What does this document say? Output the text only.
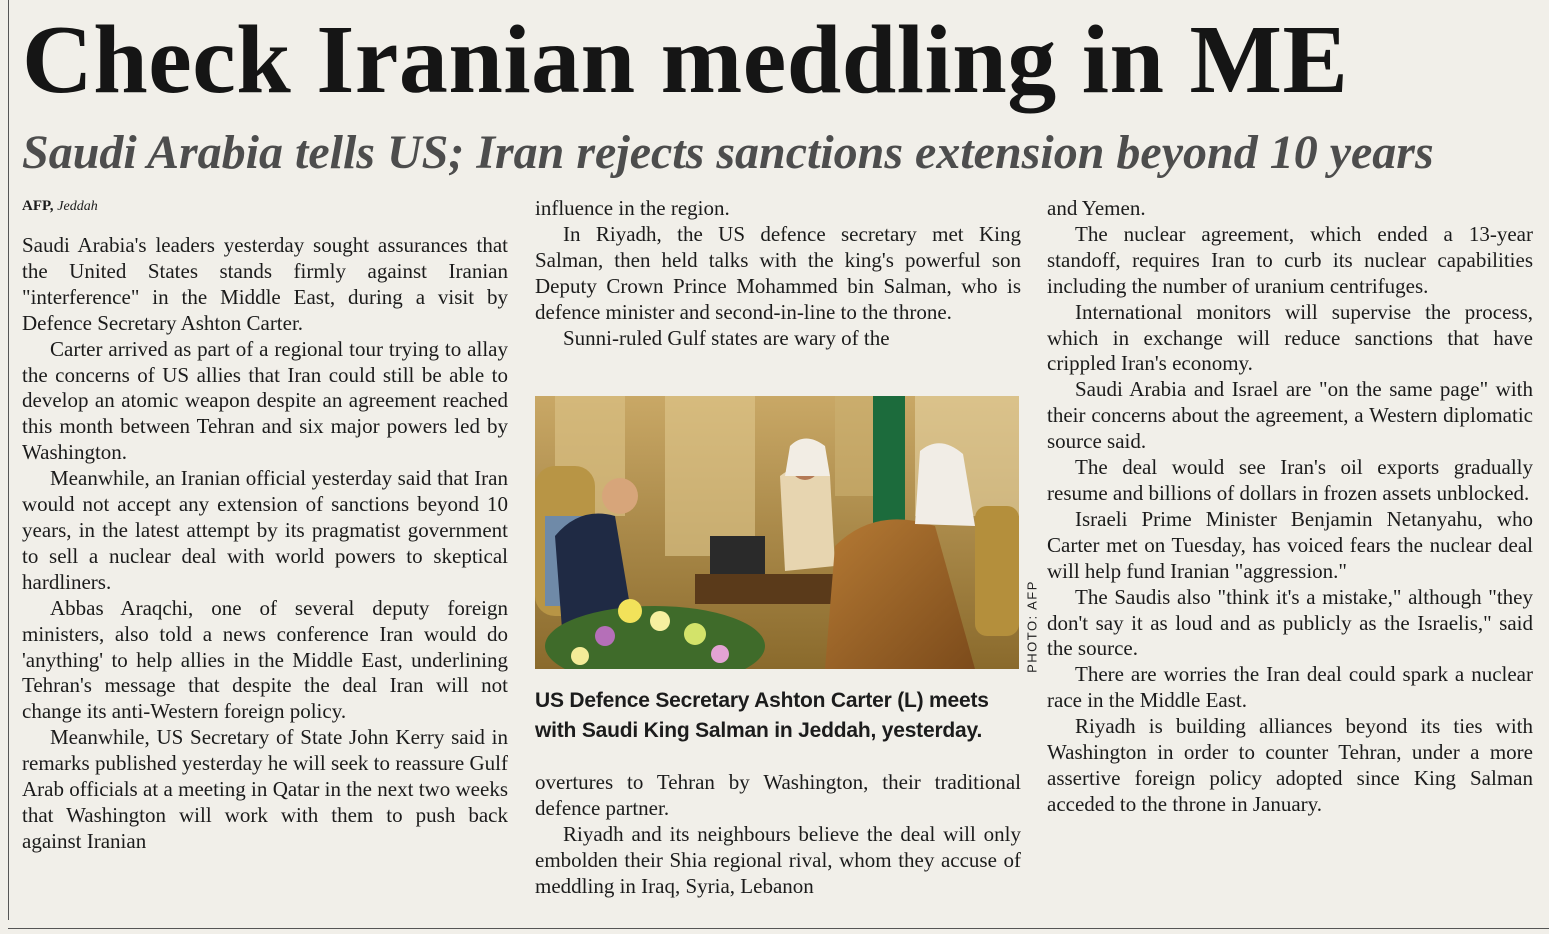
Check Iranian meddling in ME
Saudi Arabia tells US; Iran rejects sanctions extension beyond 10 years

AFP, Jeddah

Saudi Arabia's leaders yesterday sought assurances that the United States stands firmly against Iranian "interference" in the Middle East, during a visit by Defence Secretary Ashton Carter.

Carter arrived as part of a regional tour trying to allay the concerns of US allies that Iran could still be able to develop an atomic weapon despite an agreement reached this month between Tehran and six major powers led by Washington.

Meanwhile, an Iranian official yesterday said that Iran would not accept any extension of sanctions beyond 10 years, in the latest attempt by its pragmatist government to sell a nuclear deal with world powers to skeptical hardliners.

Abbas Araqchi, one of several deputy foreign ministers, also told a news conference Iran would do 'anything' to help allies in the Middle East, underlining Tehran's message that despite the deal Iran will not change its anti-Western foreign policy.

Meanwhile, US Secretary of State John Kerry said in remarks published yesterday he will seek to reassure Gulf Arab officials at a meeting in Qatar in the next two weeks that Washington will work with them to push back against Iranian

influence in the region.

In Riyadh, the US defence secretary met King Salman, then held talks with the king's powerful son Deputy Crown Prince Mohammed bin Salman, who is defence minister and second-in-line to the throne.

Sunni-ruled Gulf states are wary of the

PHOTO: AFP
US Defence Secretary Ashton Carter (L) meets with Saudi King Salman in Jeddah, yesterday.

overtures to Tehran by Washington, their traditional defence partner.

Riyadh and its neighbours believe the deal will only embolden their Shia regional rival, whom they accuse of meddling in Iraq, Syria, Lebanon

and Yemen.

The nuclear agreement, which ended a 13-year standoff, requires Iran to curb its nuclear capabilities including the number of uranium centrifuges.

International monitors will supervise the process, which in exchange will reduce sanctions that have crippled Iran's economy.

Saudi Arabia and Israel are "on the same page" with their concerns about the agreement, a Western diplomatic source said.

The deal would see Iran's oil exports gradually resume and billions of dollars in frozen assets unblocked.

Israeli Prime Minister Benjamin Netanyahu, who Carter met on Tuesday, has voiced fears the nuclear deal will help fund Iranian "aggression."

The Saudis also "think it's a mistake," although "they don't say it as loud and as publicly as the Israelis," said the source.

There are worries the Iran deal could spark a nuclear race in the Middle East.

Riyadh is building alliances beyond its ties with Washington in order to counter Tehran, under a more assertive foreign policy adopted since King Salman acceded to the throne in January.
